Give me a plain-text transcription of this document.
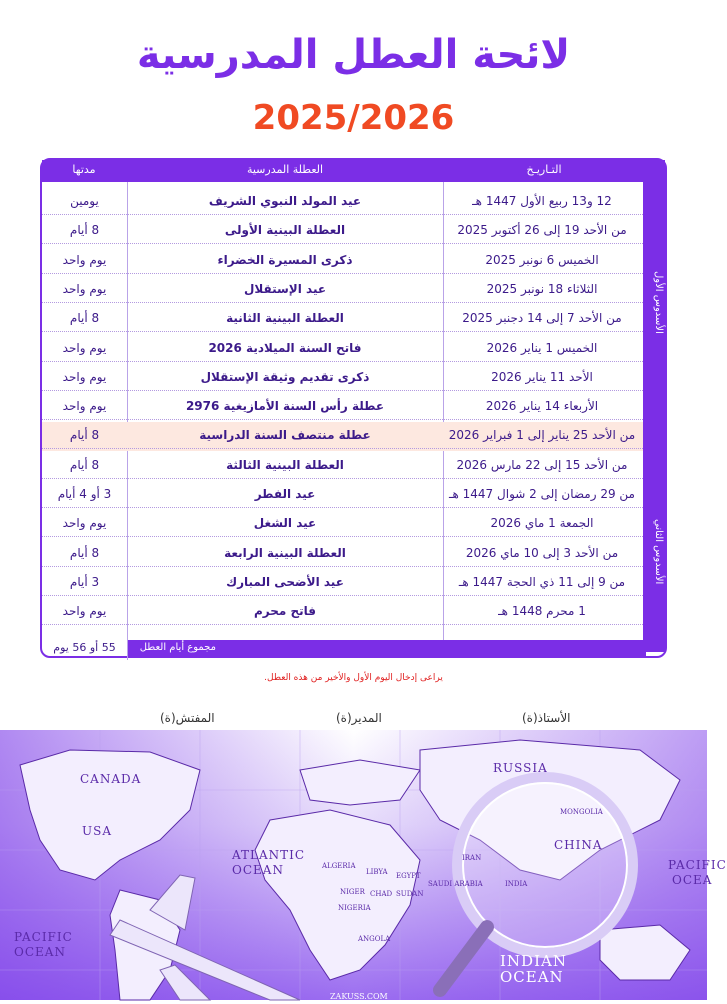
لائحة العطل المدرسية
2025/2026
التـاريـخ
العطلة المدرسية
مدتها
الأسدوس الأول
الأسدوس الثاني
12 و13 ربيع الأول 1447 هـ
عيد المولد النبوي الشريف
يومين
من الأحد 19 إلى 26 أكتوبر 2025
العطلة البينية الأولى
8 أيام
الخميس 6 نونبر 2025
ذكرى المسيرة الخضراء
يوم واحد
الثلاثاء 18 نونبر 2025
عيد الإستقلال
يوم واحد
من الأحد 7 إلى 14 دجنبر 2025
العطلة البينية الثانية
8 أيام
الخميس 1 يناير 2026
فاتح السنة الميلادية 2026
يوم واحد
الأحد 11 يناير 2026
ذكرى تقديم وثيقة الإستقلال
يوم واحد
الأربعاء 14 يناير 2026
عطلة رأس السنة الأمازيغية 2976
يوم واحد
من الأحد 25 يناير إلى 1 فبراير 2026
عطلة منتصف السنة الدراسية
8 أيام
من الأحد 15 إلى 22 مارس 2026
العطلة البينية الثالثة
8 أيام
من 29 رمضان إلى 2 شوال 1447 هـ
عيد الفطر
3 أو 4 أيام
الجمعة 1 ماي 2026
عيد الشغل
يوم واحد
من الأحد 3 إلى 10 ماي 2026
العطلة البينية الرابعة
8 أيام
من 9 إلى 11 ذي الحجة 1447 هـ
عيد الأضحى المبارك
3 أيام
1 محرم 1448 هـ
فاتح محرم
يوم واحد
مجموع أيام العطل
55 أو 56 يوم
يراعى إدخال اليوم الأول والأخير من هذه العطل.
الأستاذ(ة)
المدير(ة)
المفتش(ة)
RUSSIA
CANADA
USA
ATLANTIC
OCEAN
PACIFIC
OCEAN	INDIAN
OCEAN
CHINA
PACIFIC
OCEA
ALGERIA
LIBYA EGYPT
SUDAN
CHAD
NIGER
NIGERIA
ANGOLA
SAUDI ARABIA	INDIA
IRAN
MONGOLIA
ZAKUSS.COM
